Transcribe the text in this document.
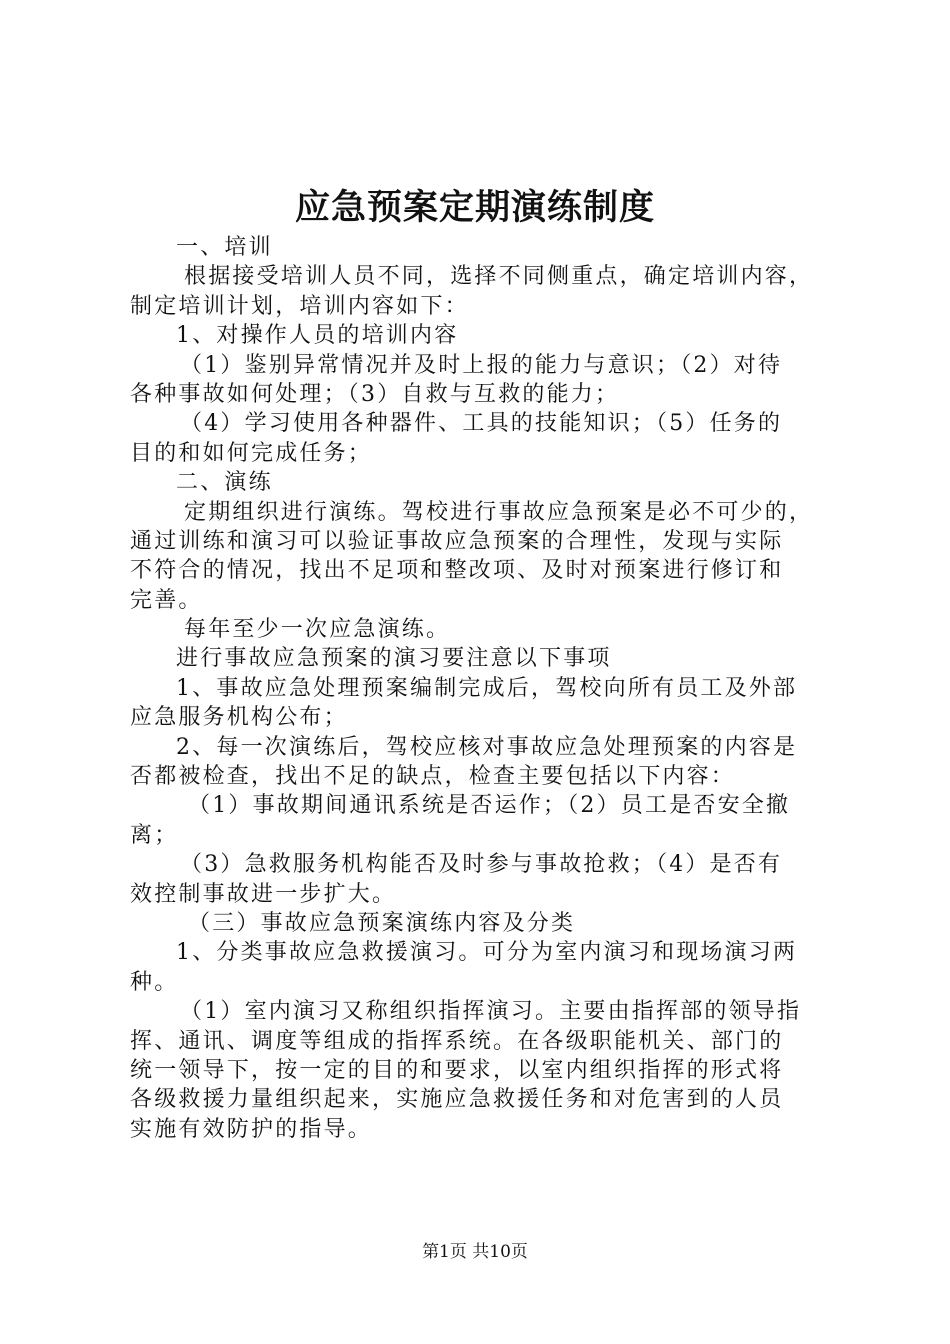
应急预案定期演练制度
一、培训
根据接受培训人员不同，选择不同侧重点，确定培训内容，
制定培训计划，培训内容如下：
1、对操作人员的培训内容
（1）鉴别异常情况并及时上报的能力与意识；（2）对待
各种事故如何处理；（3）自救与互救的能力；
（4）学习使用各种器件、工具的技能知识；（5）任务的
目的和如何完成任务；
二、演练
定期组织进行演练。驾校进行事故应急预案是必不可少的，
通过训练和演习可以验证事故应急预案的合理性，发现与实际
不符合的情况，找出不足项和整改项、及时对预案进行修订和
完善。
每年至少一次应急演练。
进行事故应急预案的演习要注意以下事项
1、事故应急处理预案编制完成后，驾校向所有员工及外部
应急服务机构公布；
2、每一次演练后，驾校应核对事故应急处理预案的内容是
否都被检查，找出不足的缺点，检查主要包括以下内容：
（1）事故期间通讯系统是否运作；（2）员工是否安全撤
离；
（3）急救服务机构能否及时参与事故抢救；（4）是否有
效控制事故进一步扩大。
（三）事故应急预案演练内容及分类
1、分类事故应急救援演习。可分为室内演习和现场演习两
种。
（1）室内演习又称组织指挥演习。主要由指挥部的领导指
挥、通讯、调度等组成的指挥系统。在各级职能机关、部门的
统一领导下，按一定的目的和要求，以室内组织指挥的形式将
各级救援力量组织起来，实施应急救援任务和对危害到的人员
实施有效防护的指导。
第1页 共10页
